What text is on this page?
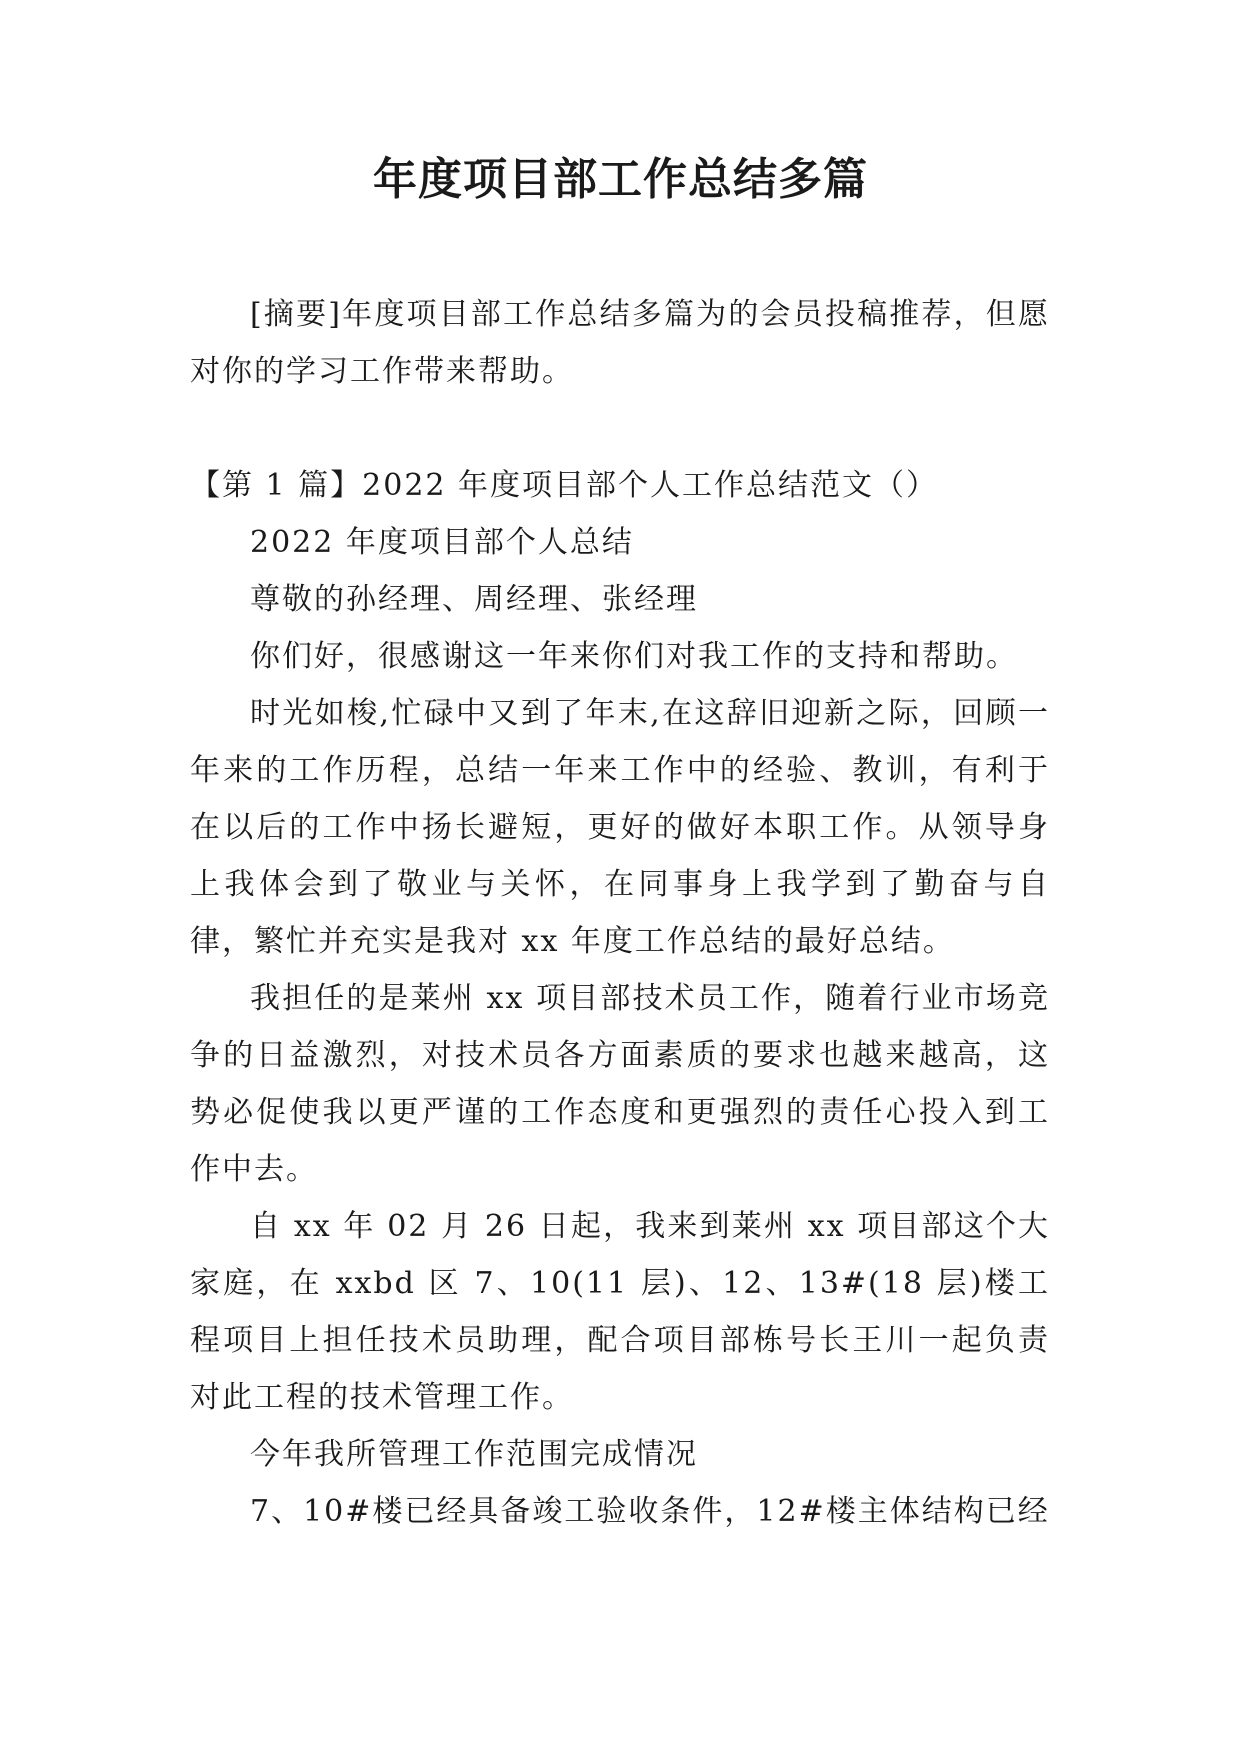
年度项目部工作总结多篇

[摘要]年度项目部工作总结多篇为的会员投稿推荐，但愿对你的学习工作带来帮助。

【第 1 篇】2022 年度项目部个人工作总结范文（）

2022 年度项目部个人总结

尊敬的孙经理、周经理、张经理

你们好，很感谢这一年来你们对我工作的支持和帮助。

时光如梭,忙碌中又到了年末,在这辞旧迎新之际，回顾一年来的工作历程，总结一年来工作中的经验、教训，有利于在以后的工作中扬长避短，更好的做好本职工作。从领导身上我体会到了敬业与关怀，在同事身上我学到了勤奋与自律，繁忙并充实是我对 xx 年度工作总结的最好总结。

我担任的是莱州 xx 项目部技术员工作，随着行业市场竞争的日益激烈，对技术员各方面素质的要求也越来越高，这势必促使我以更严谨的工作态度和更强烈的责任心投入到工作中去。

自 xx 年 02 月 26 日起，我来到莱州 xx 项目部这个大家庭，在 xxbd 区 7、10(11 层)、12、13#(18 层)楼工程项目上担任技术员助理，配合项目部栋号长王川一起负责对此工程的技术管理工作。

今年我所管理工作范围完成情况

7、10#楼已经具备竣工验收条件，12#楼主体结构已经
